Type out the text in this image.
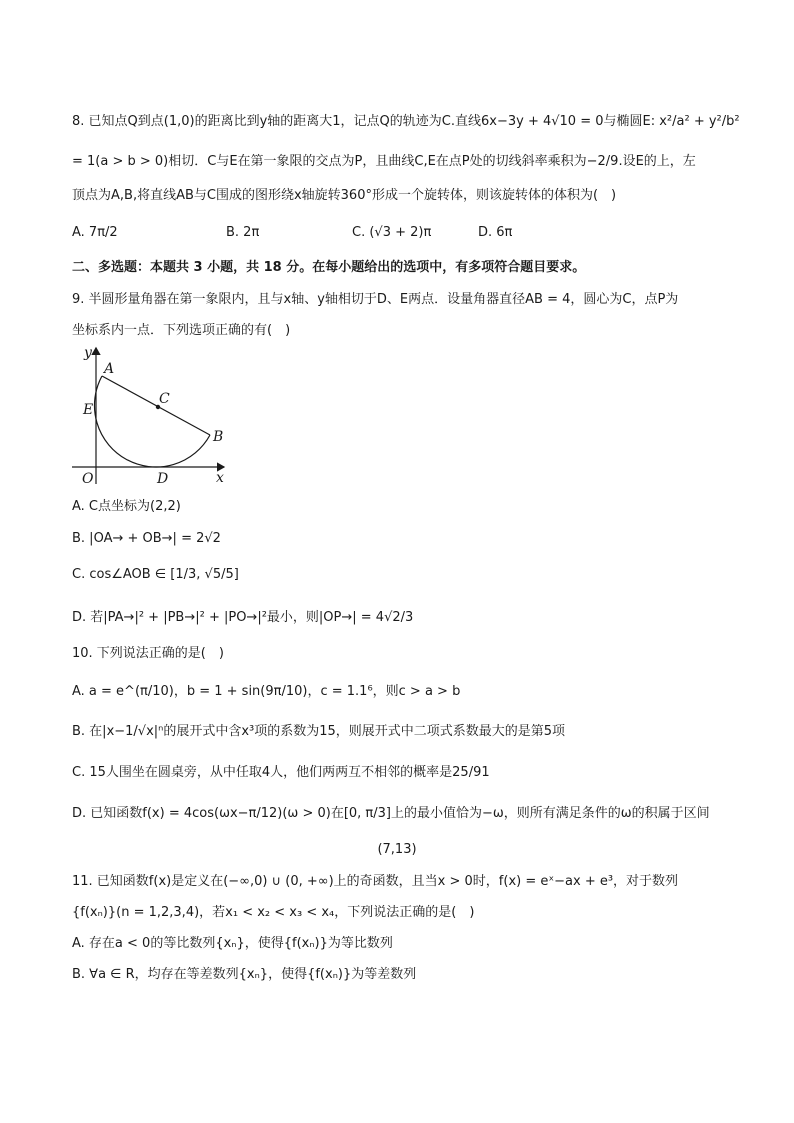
8. 已知点Q到点(1,0)的距离比到y轴的距离大1，记点Q的轨迹为C.直线6x−3y + 4√10 = 0与椭圆E: x²/a² + y²/b²
= 1(a > b > 0)相切．C与E在第一象限的交点为P，且曲线C,E在点P处的切线斜率乘积为−2/9.设E的上，左
顶点为A,B,将直线AB与C围成的图形绕x轴旋转360°形成一个旋转体，则该旋转体的体积为(　)
A. 7π/2	B. 2π	C. (√3 + 2)π	D. 6π
二、多选题：本题共 3 小题，共 18 分。在每小题给出的选项中，有多项符合题目要求。
9. 半圆形量角器在第一象限内，且与x轴、y轴相切于D、E两点．设量角器直径AB = 4，圆心为C，点P为
坐标系内一点．下列选项正确的有(　)
y
A
C
E
B
O	D	x
A. C点坐标为(2,2)
B. |OA→ + OB→| = 2√2
C. cos∠AOB ∈ [1/3, √5/5]
D. 若|PA→|² + |PB→|² + |PO→|²最小，则|OP→| = 4√2/3
10. 下列说法正确的是(　)
A. a = e^(π/10)，b = 1 + sin(9π/10)，c = 1.1⁶，则c > a > b
B. 在|x−1/√x|ⁿ的展开式中含x³项的系数为15，则展开式中二项式系数最大的是第5项
C. 15人围坐在圆桌旁，从中任取4人，他们两两互不相邻的概率是25/91
D. 已知函数f(x) = 4cos(ωx−π/12)(ω > 0)在[0, π/3]上的最小值恰为−ω，则所有满足条件的ω的积属于区间
(7,13)
11. 已知函数f(x)是定义在(−∞,0) ∪ (0, +∞)上的奇函数，且当x > 0时，f(x) = eˣ−ax + e³，对于数列
{f(xₙ)}(n = 1,2,3,4)，若x₁ < x₂ < x₃ < x₄，下列说法正确的是(　)
A. 存在a < 0的等比数列{xₙ}，使得{f(xₙ)}为等比数列
B. ∀a ∈ R，均存在等差数列{xₙ}，使得{f(xₙ)}为等差数列
